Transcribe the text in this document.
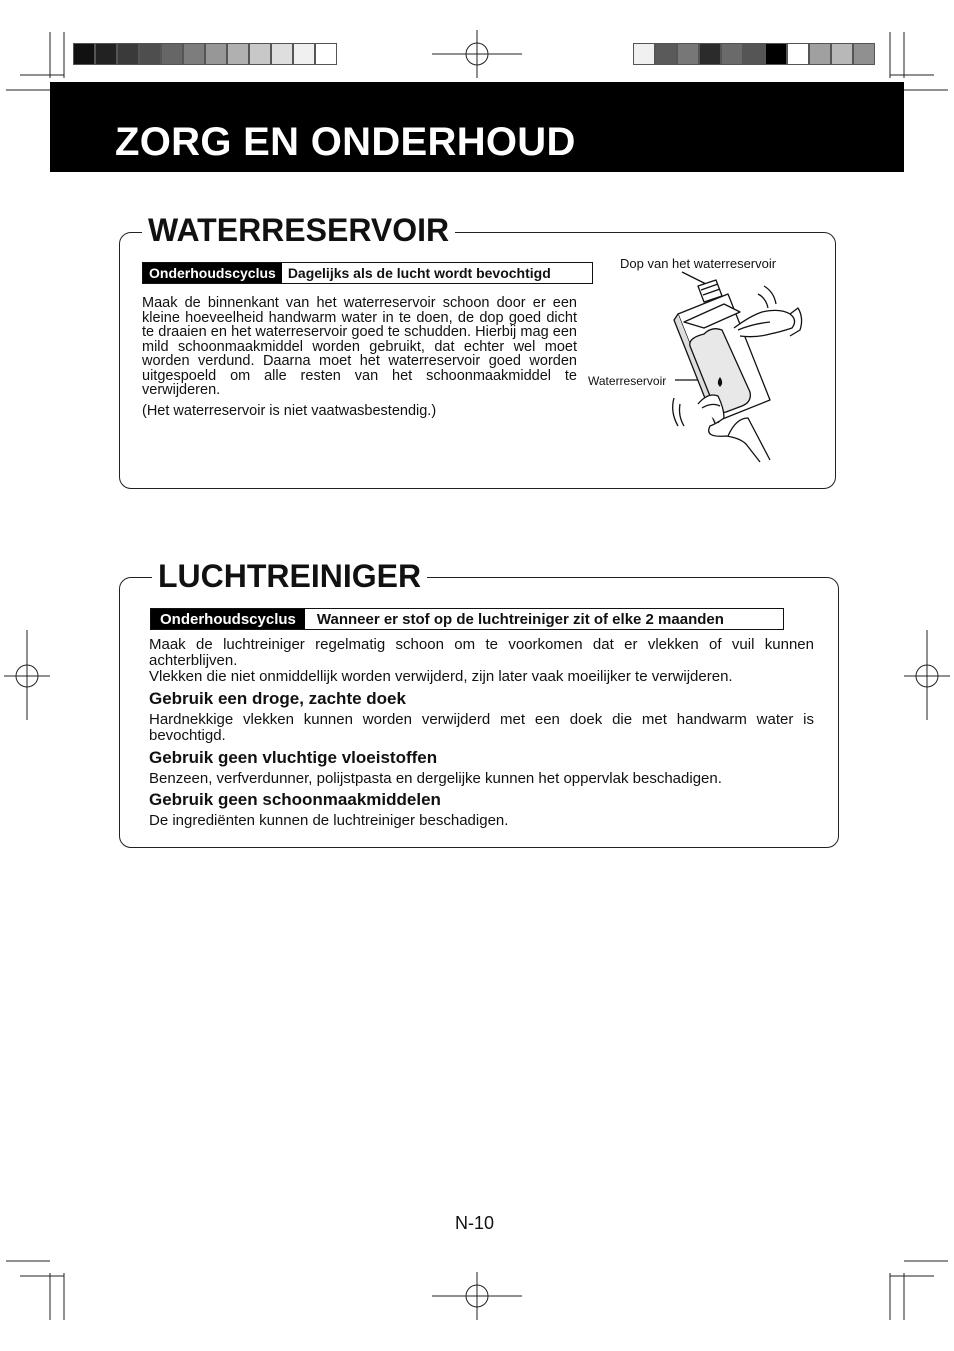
ZORG EN ONDERHOUD
WATERRESERVOIR
Onderhoudscyclus Dagelijks als de lucht wordt bevochtigd

Maak de binnenkant van het waterreservoir schoon door er een kleine hoeveelheid handwarm water in te doen, de dop goed dicht te draaien en het waterreservoir goed te schudden. Hierbij mag een mild schoonmaakmiddel worden gebruikt, dat echter wel moet worden verdund. Daarna moet het waterreservoir goed worden uitgespoeld om alle resten van het schoonmaakmiddel te verwijderen.

(Het waterreservoir is niet vaatwasbestendig.)

Dop van het waterreservoir
Waterreservoir
LUCHTREINIGER
Onderhoudscyclus	Wanneer er stof op de luchtreiniger zit of elke 2 maanden

Maak de luchtreiniger regelmatig schoon om te voorkomen dat er vlekken of vuil kunnen achterblijven.

Vlekken die niet onmiddellijk worden verwijderd, zijn later vaak moeilijker te verwijderen.

Gebruik een droge, zachte doek

Hardnekkige vlekken kunnen worden verwijderd met een doek die met handwarm water is bevochtigd.

Gebruik geen vluchtige vloeistoffen

Benzeen, verfverdunner, polijstpasta en dergelijke kunnen het oppervlak beschadigen.

Gebruik geen schoonmaakmiddelen

De ingrediënten kunnen de luchtreiniger beschadigen.

N-10
